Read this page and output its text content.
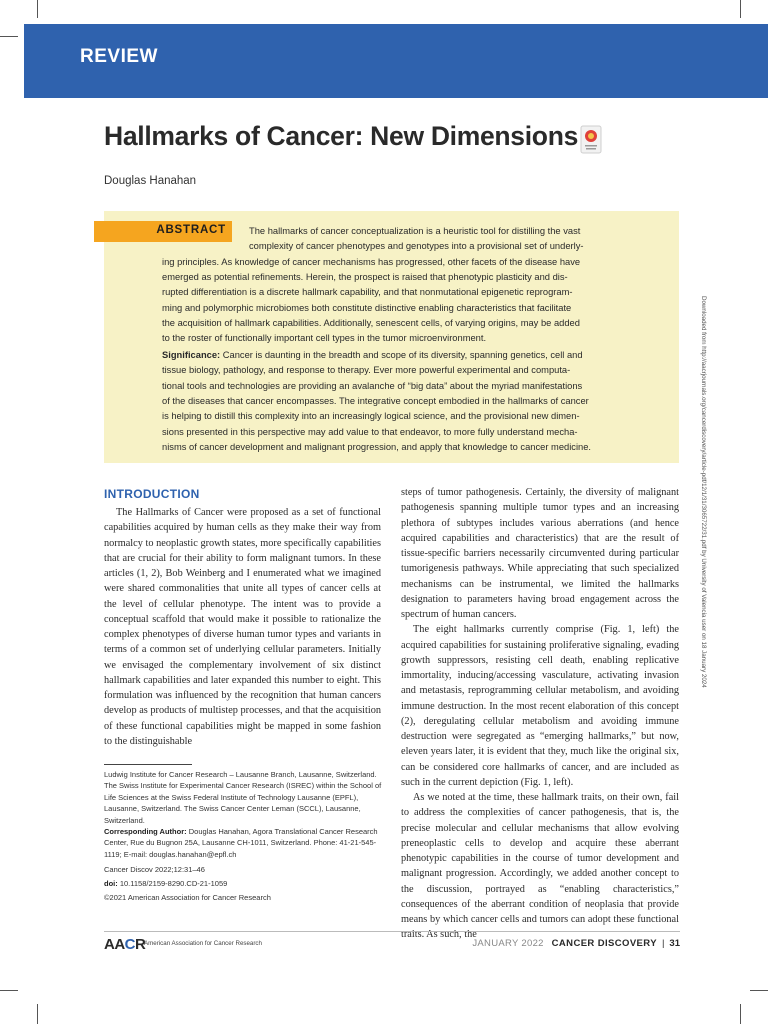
REVIEW
Hallmarks of Cancer: New Dimensions

Douglas Hanahan

ABSTRACT The hallmarks of cancer conceptualization is a heuristic tool for distilling the vast
complexity of cancer phenotypes and genotypes into a provisional set of underly-
ing principles. As knowledge of cancer mechanisms has progressed, other facets of the disease have
emerged as potential refinements. Herein, the prospect is raised that phenotypic plasticity and dis-
rupted differentiation is a discrete hallmark capability, and that nonmutational epigenetic reprogram-
ming and polymorphic microbiomes both constitute distinctive enabling characteristics that facilitate
the acquisition of hallmark capabilities. Additionally, senescent cells, of varying origins, may be added
to the roster of functionally important cell types in the tumor microenvironment.
Significance: Cancer is daunting in the breadth and scope of its diversity, spanning genetics, cell and
tissue biology, pathology, and response to therapy. Ever more powerful experimental and computa-
tional tools and technologies are providing an avalanche of “big data” about the myriad manifestations
of the diseases that cancer encompasses. The integrative concept embodied in the hallmarks of cancer
is helping to distill this complexity into an increasingly logical science, and the provisional new dimen-
sions presented in this perspective may add value to that endeavor, to more fully understand mecha-
nisms of cancer development and malignant progression, and apply that knowledge to cancer medicine.
INTRODUCTION

The Hallmarks of Cancer were proposed as a set of functional capabilities acquired by human cells as they make their way from normalcy to neoplastic growth states, more specifically capabilities that are crucial for their ability to form malignant tumors. In these articles (1, 2), Bob Weinberg and I enumerated what we imagined were shared commonalities that unite all types of cancer cells at the level of cellular phenotype. The intent was to provide a conceptual scaffold that would make it possible to rationalize the complex phenotypes of diverse human tumor types and variants in terms of a common set of underlying cellular parameters. Initially we envisaged the complementary involvement of six distinct hallmark capabilities and later expanded this number to eight. This formulation was influenced by the recognition that human cancers develop as products of multistep processes, and that the acquisition of these functional capabilities might be mapped in some fashion to the distinguishable

steps of tumor pathogenesis. Certainly, the diversity of malignant pathogenesis spanning multiple tumor types and an increasing plethora of subtypes includes various aberrations (and hence acquired capabilities and characteristics) that are the result of tissue-specific barriers necessarily circumvented during particular tumorigenesis pathways. While appreciating that such specialized mechanisms can be instrumental, we limited the hallmarks designation to parameters having broad engagement across the spectrum of human cancers.

The eight hallmarks currently comprise (Fig. 1, left) the acquired capabilities for sustaining proliferative signaling, evading growth suppressors, resisting cell death, enabling replicative immortality, inducing/accessing vasculature, activating invasion and metastasis, reprogramming cellular metabolism, and avoiding immune destruction. In the most recent elaboration of this concept (2), deregulating cellular metabolism and avoiding immune destruction were segregated as “emerging hallmarks,” but now, eleven years later, it is evident that they, much like the original six, can be considered core hallmarks of cancer, and are included as such in the current depiction (Fig. 1, left).

As we noted at the time, these hallmark traits, on their own, fail to address the complexities of cancer pathogenesis, that is, the precise molecular and cellular mechanisms that allow evolving preneoplastic cells to develop and acquire these aberrant phenotypic capabilities in the course of tumor development and malignant progression. Accordingly, we added another concept to the discussion, portrayed as “enabling characteristics,” consequences of the aberrant condition of neoplasia that provide means by which cancer cells and tumors can adopt these functional traits. As such, the

Ludwig Institute for Cancer Research – Lausanne Branch, Lausanne, Switzerland. The Swiss Institute for Experimental Cancer Research (ISREC) within the School of Life Sciences at the Swiss Federal Institute of Technology Lausanne (EPFL), Lausanne, Switzerland. The Swiss Cancer Center Leman (SCCL), Lausanne, Switzerland.

Corresponding Author: Douglas Hanahan, Agora Translational Cancer Research Center, Rue du Bugnon 25A, Lausanne CH-1011, Switzerland. Phone: 41-21-545-1119; E-mail: douglas.hanahan@epfl.ch

Cancer Discov 2022;12:31–46

doi: 10.1158/2159-8290.CD-21-1059

©2021 American Association for Cancer Research

AACR
American Association for Cancer Research	JANUARY 2022 CANCER DISCOVERY | 31
Downloaded from http://aacrjournals.org/cancerdiscovery/article-pdf/12/1/31/3065722/31.pdf by University of Valencia user on 18 January 2024
